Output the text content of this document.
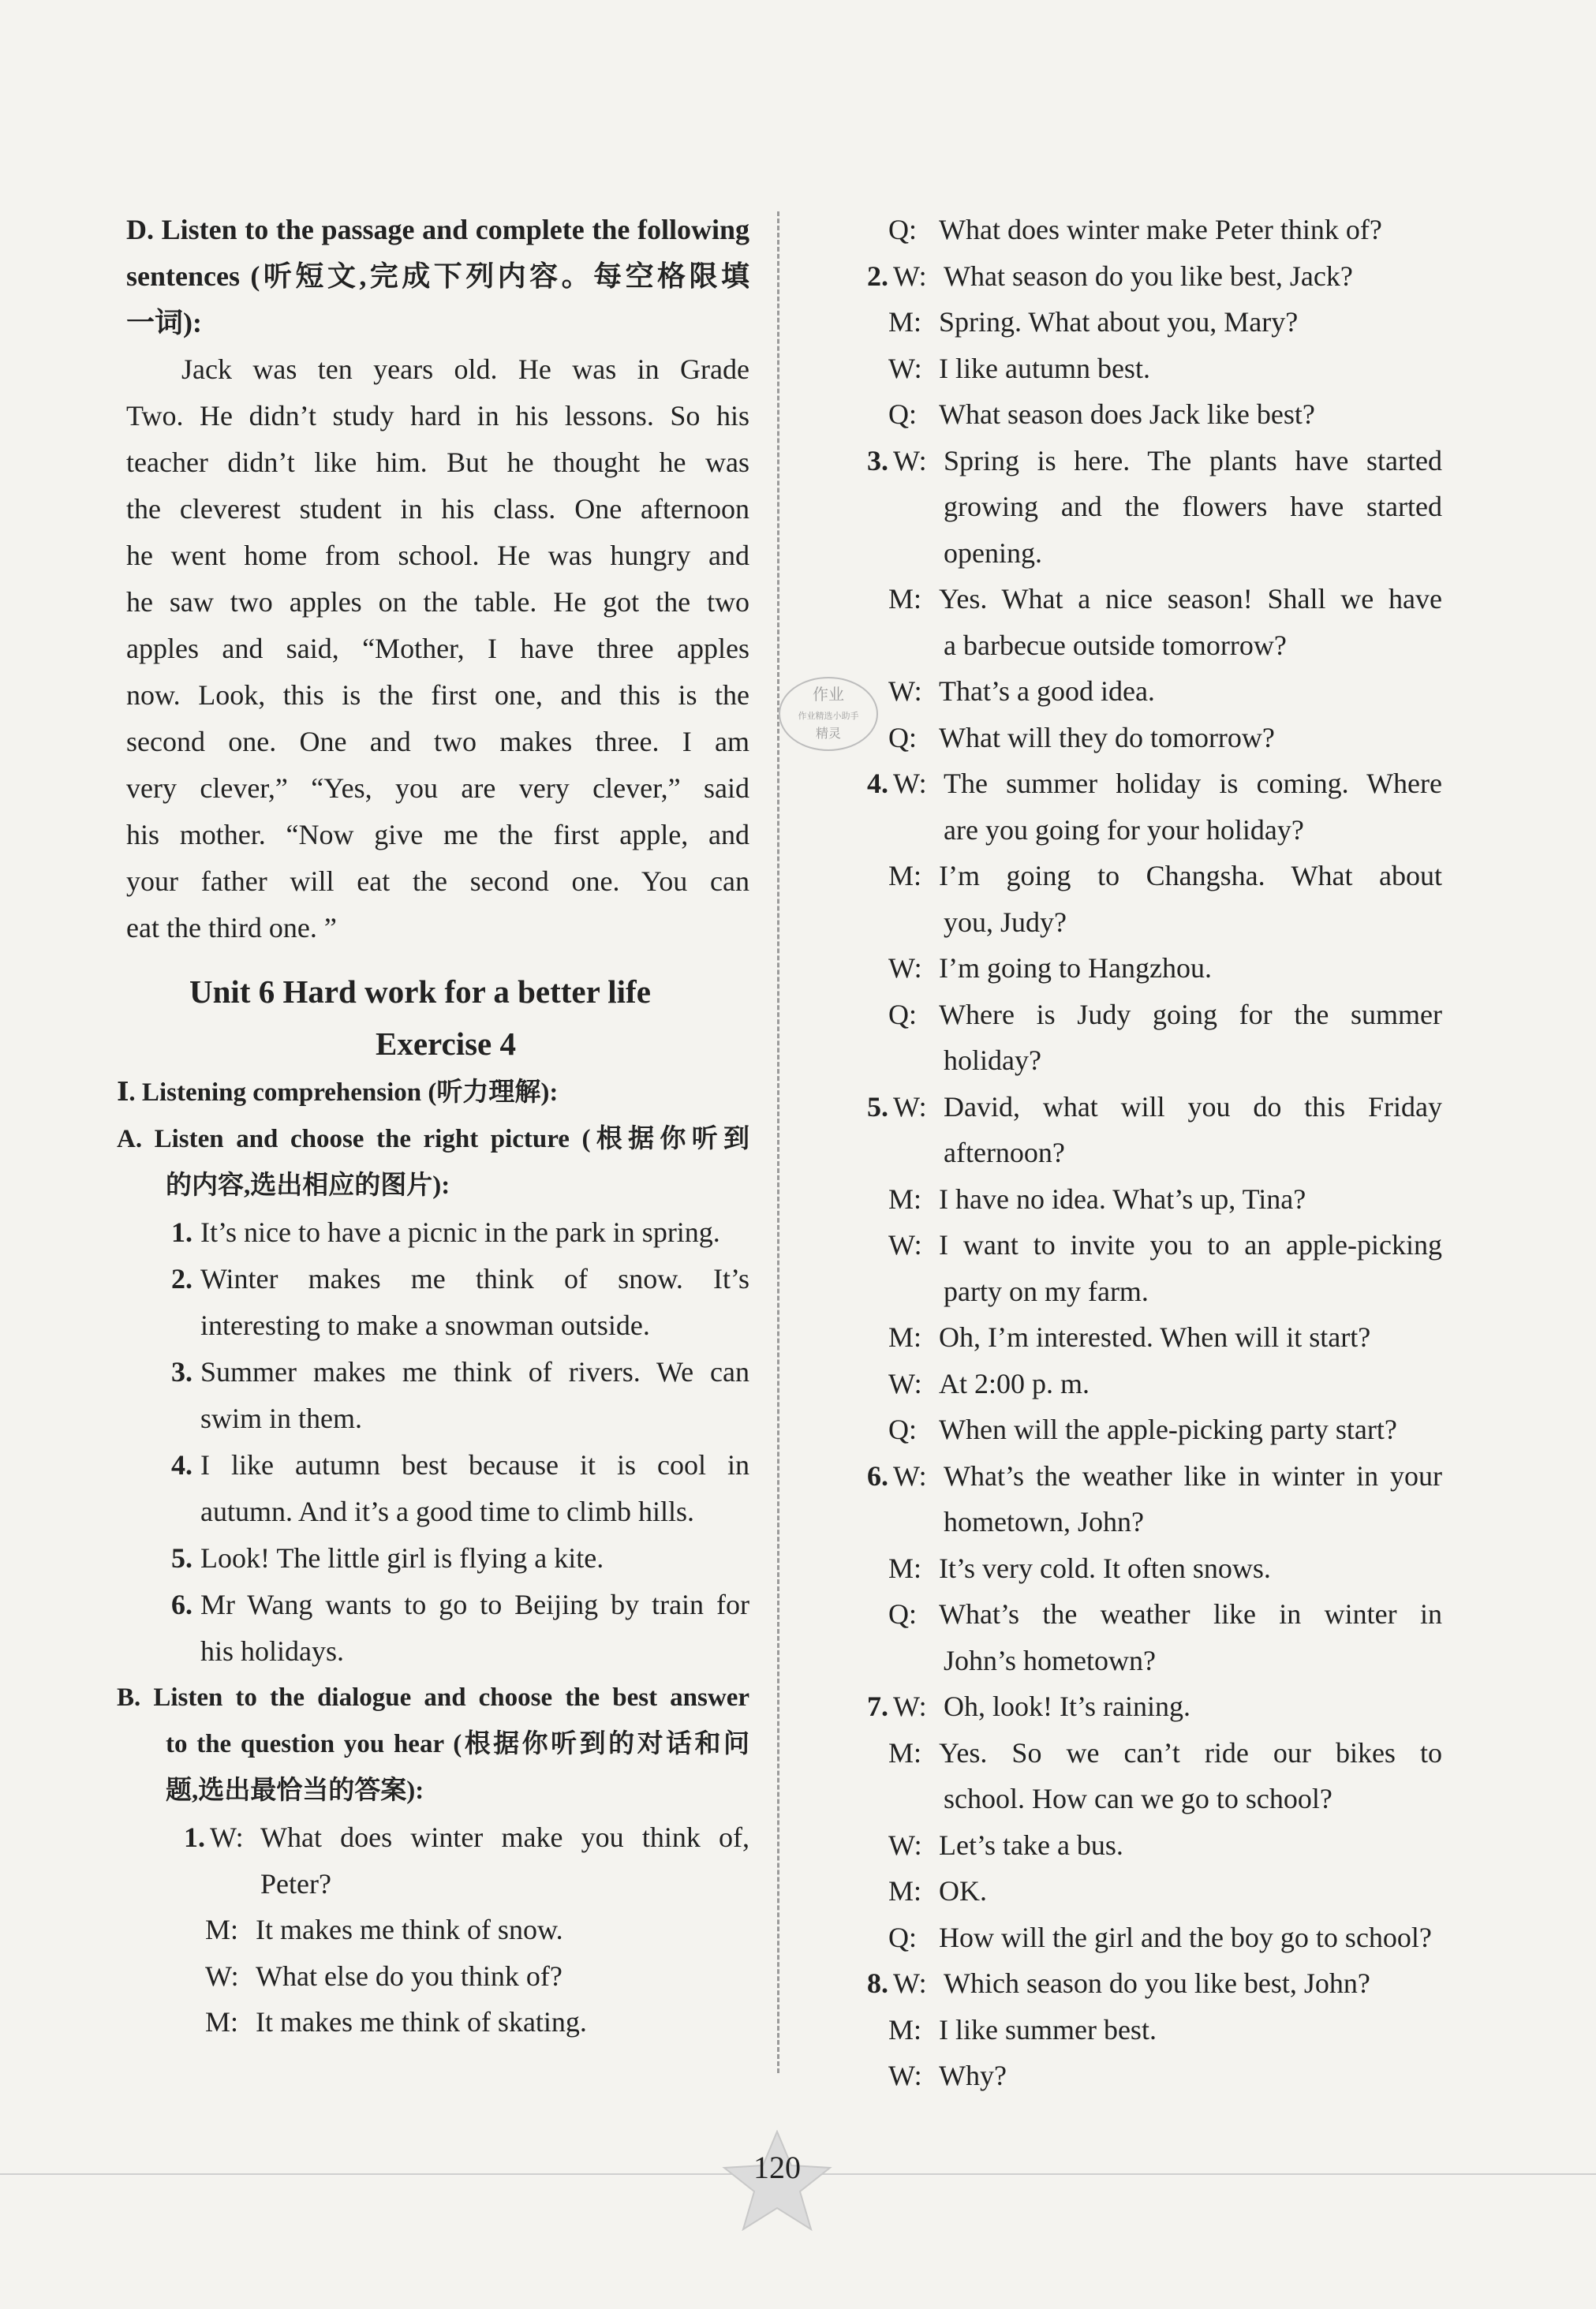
D. Listen to the passage and complete the following
sentences (听短文,完成下列内容。每空格限填
一词):
Jack was ten years old. He was in Grade
Two. He didn’t study hard in his lessons. So his
teacher didn’t like him. But he thought he was
the cleverest student in his class. One afternoon
he went home from school. He was hungry and
he saw two apples on the table. He got the two
apples and said, “Mother, I have three apples
now. Look, this is the first one, and this is the
second one. One and two makes three. I am
very clever,” “Yes, you are very clever,” said
his mother. “Now give me the first apple, and
your father will eat the second one. You can
eat the third one. ”
Unit 6 Hard work for a better life
Exercise 4
Ⅰ. Listening comprehension (听力理解):
A. Listen and choose the right picture (根据你听到
的内容,选出相应的图片):
1. It’s nice to have a picnic in the park in spring.
2. Winter makes me think of snow. It’s
interesting to make a snowman outside.
3. Summer makes me think of rivers. We can
swim in them.
4. I like autumn best because it is cool in
autumn. And it’s a good time to climb hills.
5. Look! The little girl is flying a kite.
6. Mr Wang wants to go to Beijing by train for
his holidays.
B. Listen to the dialogue and choose the best answer
to the question you hear (根据你听到的对话和问
题,选出最恰当的答案):
1. W: What does winter make you think of,
Peter?
M: It makes me think of snow.
W: What else do you think of?
M: It makes me think of skating.
Q: What does winter make Peter think of?
2. W: What season do you like best, Jack?
M: Spring. What about you, Mary?
W: I like autumn best.
Q: What season does Jack like best?
3. W: Spring is here. The plants have started
growing and the flowers have started
opening.
M: Yes. What a nice season! Shall we have
a barbecue outside tomorrow?
W: That’s a good idea.
Q: What will they do tomorrow?
4. W: The summer holiday is coming. Where
are you going for your holiday?
M: I’m going to Changsha. What about
you, Judy?
W: I’m going to Hangzhou.
Q: Where is Judy going for the summer
holiday?
5. W: David, what will you do this Friday
afternoon?
M: I have no idea. What’s up, Tina?
W: I want to invite you to an apple-picking
party on my farm.
M: Oh, I’m interested. When will it start?
W: At 2:00 p. m.
Q: When will the apple-picking party start?
6. W: What’s the weather like in winter in your
hometown, John?
M: It’s very cold. It often snows.
Q: What’s the weather like in winter in
John’s hometown?
7. W: Oh, look! It’s raining.
M: Yes. So we can’t ride our bikes to
school. How can we go to school?
W: Let’s take a bus.
M: OK.
Q: How will the girl and the boy go to school?
8. W: Which season do you like best, John?
M: I like summer best.
W: Why?
作业
作业精选小助手
精灵
120
